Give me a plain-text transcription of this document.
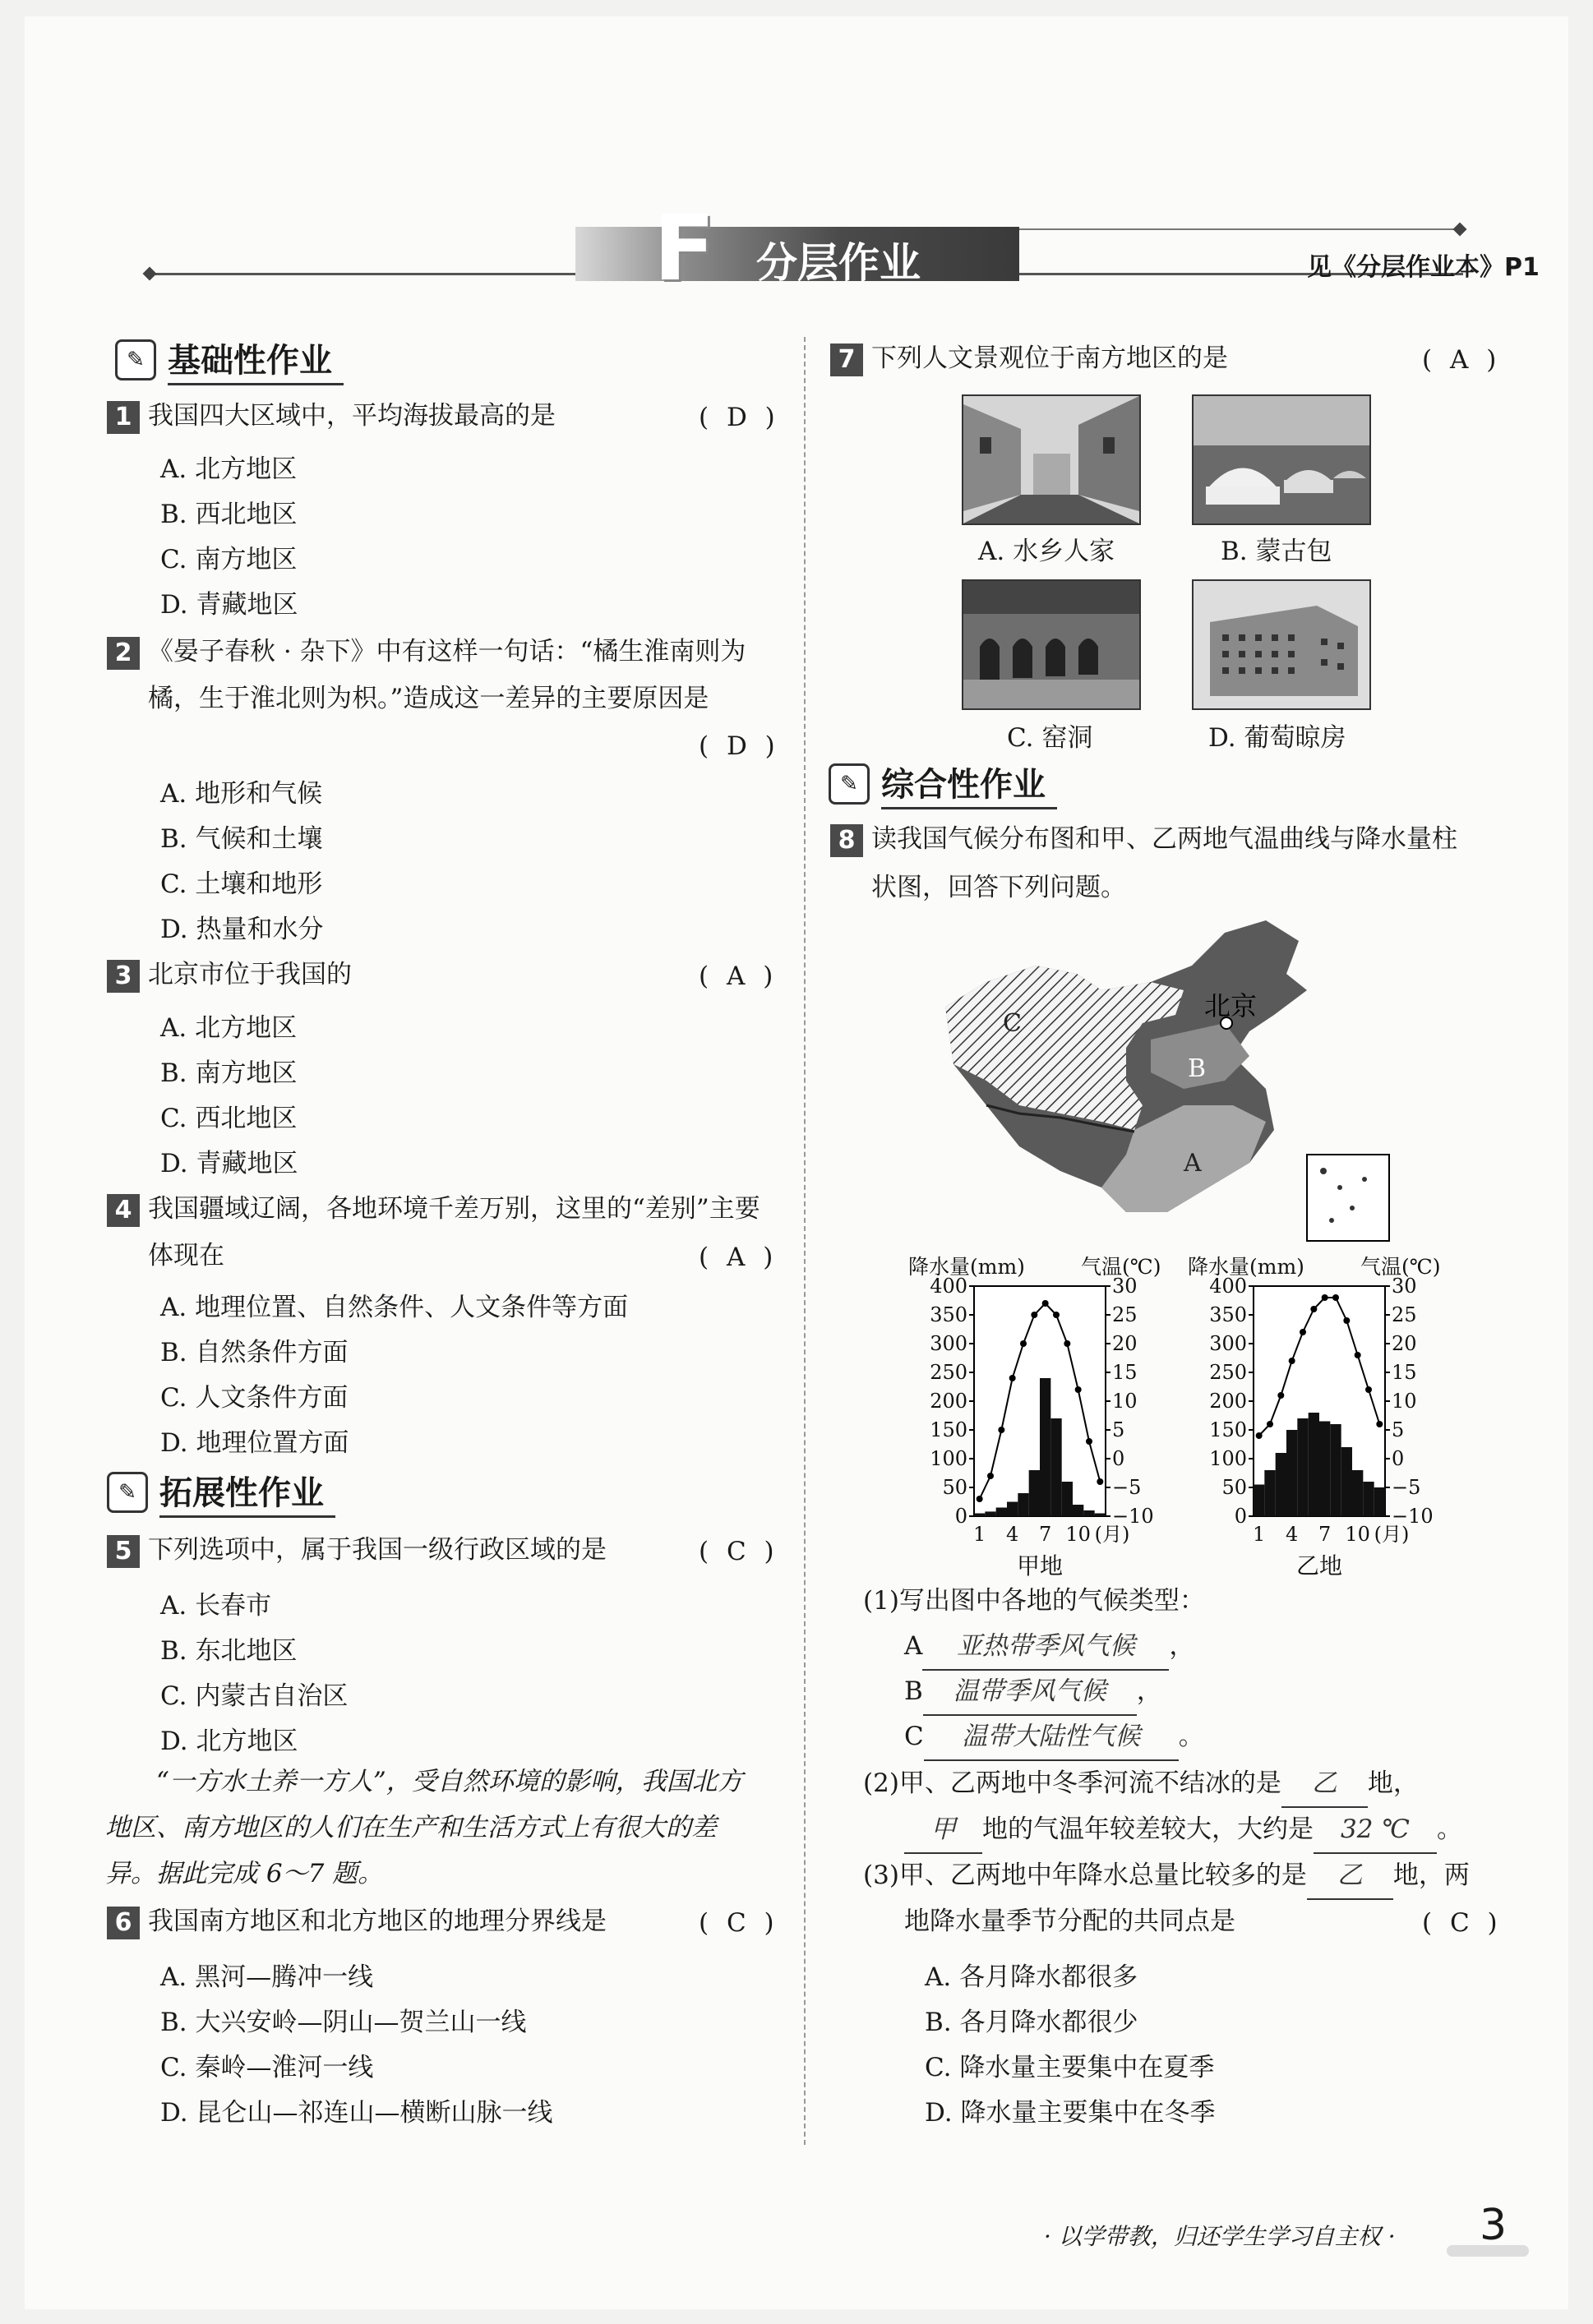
F 分层作业	见《分层作业本》P1
✎ 基础性作业
1 我国四大区域中，平均海拔最高的是	( D )
A. 北方地区
B. 西北地区
C. 南方地区
D. 青藏地区
2 《晏子春秋 · 杂下》中有这样一句话：“橘生淮南则为
橘，生于淮北则为枳。”造成这一差异的主要原因是
( D )
A. 地形和气候
B. 气候和土壤
C. 土壤和地形
D. 热量和水分
3 北京市位于我国的	( A )
A. 北方地区
B. 南方地区
C. 西北地区
D. 青藏地区
4 我国疆域辽阔，各地环境千差万别，这里的“差别”主要
体现在	( A )
A. 地理位置、自然条件、人文条件等方面
B. 自然条件方面
C. 人文条件方面
D. 地理位置方面
✎ 拓展性作业
5 下列选项中，属于我国一级行政区域的是	( C )
A. 长春市
B. 东北地区
C. 内蒙古自治区
D. 北方地区
“一方水土养一方人”，受自然环境的影响，我国北方
地区、南方地区的人们在生产和生活方式上有很大的差
异。据此完成 6～7 题。
6 我国南方地区和北方地区的地理分界线是	( C )
A. 黑河—腾冲一线
B. 大兴安岭—阴山—贺兰山一线
C. 秦岭—淮河一线
D. 昆仑山—祁连山—横断山脉一线
7 下列人文景观位于南方地区的是	( A )
A. 水乡人家	B. 蒙古包
C. 窑洞	D. 葡萄晾房
✎ 综合性作业
8 读我国气候分布图和甲、乙两地气温曲线与降水量柱
状图，回答下列问题。
北京
B
A
C
降水量(mm)	气温(℃)
400
350
300
250
200
150
100
50
0
30
25
20
15
10
5
0
−5
−10
1 4 7 10 (月)
甲地
降水量(mm)	气温(℃)
400
350
300
250
200
150
100
50
0
30
25
20
15
10
5
0
−5
−10
1 4 7 10 (月)
乙地
(1)写出图中各地的气候类型：
A 亚热带季风气候 ，
B 温带季风气候 ，
C 温带大陆性气候 。
(2)甲、乙两地中冬季河流不结冰的是 乙 地，
甲 地的气温年较差较大，大约是 32 ℃ 。
(3)甲、乙两地中年降水总量比较多的是 乙 地，两
地降水量季节分配的共同点是	( C )
A. 各月降水都很多
B. 各月降水都很少
C. 降水量主要集中在夏季
D. 降水量主要集中在冬季
· 以学带教，归还学生学习自主权 · 3
